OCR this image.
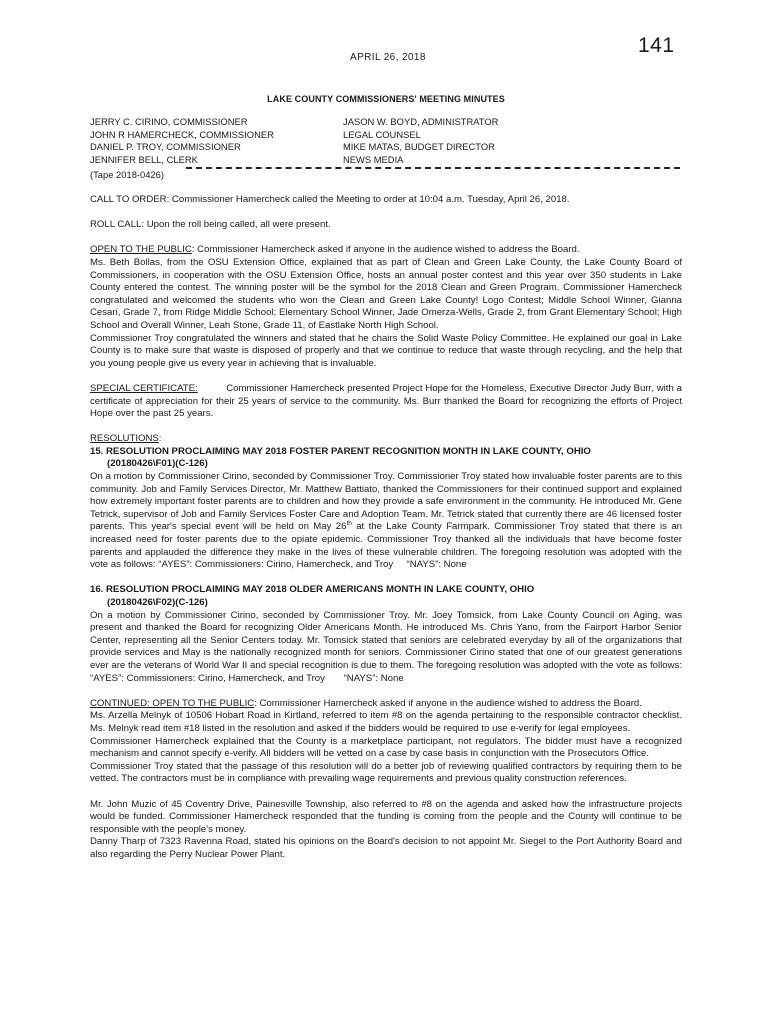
APRIL 26, 2018
141
LAKE COUNTY COMMISSIONERS' MEETING MINUTES
JERRY C. CIRINO, COMMISSIONER	JASON W. BOYD, ADMINISTRATOR
JOHN R HAMERCHECK, COMMISSIONER	LEGAL COUNSEL
DANIEL P. TROY, COMMISSIONER	MIKE MATAS, BUDGET DIRECTOR
JENNIFER BELL, CLERK	NEWS MEDIA
(Tape 2018-0426)

CALL TO ORDER: Commissioner Hamercheck called the Meeting to order at 10:04 a.m. Tuesday, April 26, 2018.

ROLL CALL: Upon the roll being called, all were present.

OPEN TO THE PUBLIC: Commissioner Hamercheck asked if anyone in the audience wished to address the Board.
Ms. Beth Bollas, from the OSU Extension Office, explained that as part of Clean and Green Lake County, the Lake County Board of Commissioners, in cooperation with the OSU Extension Office, hosts an annual poster contest and this year over 350 students in Lake County entered the contest. The winning poster will be the symbol for the 2018 Clean and Green Program. Commissioner Hamercheck congratulated and welcomed the students who won the Clean and Green Lake County! Logo Contest; Middle School Winner, Gianna Cesari, Grade 7, from Ridge Middle School; Elementary School Winner, Jade Omerza-Wells, Grade 2, from Grant Elementary School; High School and Overall Winner, Leah Stone, Grade 11, of Eastlake North High School.

Commissioner Troy congratulated the winners and stated that he chairs the Solid Waste Policy Committee. He explained our goal in Lake County is to make sure that waste is disposed of properly and that we continue to reduce that waste through recycling, and the help that you young people give us every year in achieving that is invaluable.

SPECIAL CERTIFICATE:	Commissioner Hamercheck presented Project Hope for the Homeless, Executive Director Judy Burr, with a certificate of appreciation for their 25 years of service to the community. Ms. Burr thanked the Board for recognizing the efforts of Project Hope over the past 25 years.

RESOLUTIONS:
15. RESOLUTION PROCLAIMING MAY 2018 FOSTER PARENT RECOGNITION MONTH IN LAKE COUNTY, OHIO
(20180426\F01)(C-126)

On a motion by Commissioner Cirino, seconded by Commissioner Troy. Commissioner Troy stated how invaluable foster parents are to this community. Job and Family Services Director, Mr. Matthew Battiato, thanked the Commissioners for their continued support and explained how extremely important foster parents are to children and how they provide a safe environment in the community. He introduced Mr. Gene Tetrick, supervisor of Job and Family Services Foster Care and Adoption Team. Mr. Tetrick stated that currently there are 46 licensed foster parents. This year's special event will be held on May 26th at the Lake County Farmpark. Commissioner Troy stated that there is an increased need for foster parents due to the opiate epidemic. Commissioner Troy thanked all the individuals that have become foster parents and applauded the difference they make in the lives of these vulnerable children. The foregoing resolution was adopted with the vote as follows: “AYES”: Commissioners: Cirino, Hamercheck, and Troy     “NAYS”: None

16. RESOLUTION PROCLAIMING MAY 2018 OLDER AMERICANS MONTH IN LAKE COUNTY, OHIO
(20180426\F02)(C-126)

On a motion by Commissioner Cirino, seconded by Commissioner Troy. Mr. Joey Tomsick, from Lake County Council on Aging, was present and thanked the Board for recognizing Older Americans Month. He introduced Ms. Chris Yano, from the Fairport Harbor Senior Center, representing all the Senior Centers today. Mr. Tomsick stated that seniors are celebrated everyday by all of the organizations that provide services and May is the nationally recognized month for seniors. Commissioner Cirino stated that one of our greatest generations ever are the veterans of World War II and special recognition is due to them. The foregoing resolution was adopted with the vote as follows: “AYES”: Commissioners: Cirino, Hamercheck, and Troy       “NAYS”: None

CONTINUED: OPEN TO THE PUBLIC: Commissioner Hamercheck asked if anyone in the audience wished to address the Board.
Ms. Arzella Melnyk of 10506 Hobart Road in Kirtland, referred to item #8 on the agenda pertaining to the responsible contractor checklist. Ms. Melnyk read item #18 listed in the resolution and asked if the bidders would be required to use e-verify for legal employees.
Commissioner Hamercheck explained that the County is a marketplace participant, not regulators. The bidder must have a recognized mechanism and cannot specify e-verify. All bidders will be vetted on a case by case basis in conjunction with the Prosecutors Office.

Commissioner Troy stated that the passage of this resolution will do a better job of reviewing qualified contractors by requiring them to be vetted. The contractors must be in compliance with prevailing wage requirements and previous quality construction references.

Mr. John Muzic of 45 Coventry Drive, Painesville Township, also referred to #8 on the agenda and asked how the infrastructure projects would be funded. Commissioner Hamercheck responded that the funding is coming from the people and the County will continue to be responsible with the people's money.
Danny Tharp of 7323 Ravenna Road, stated his opinions on the Board's decision to not appoint Mr. Siegel to the Port Authority Board and also regarding the Perry Nuclear Power Plant.
